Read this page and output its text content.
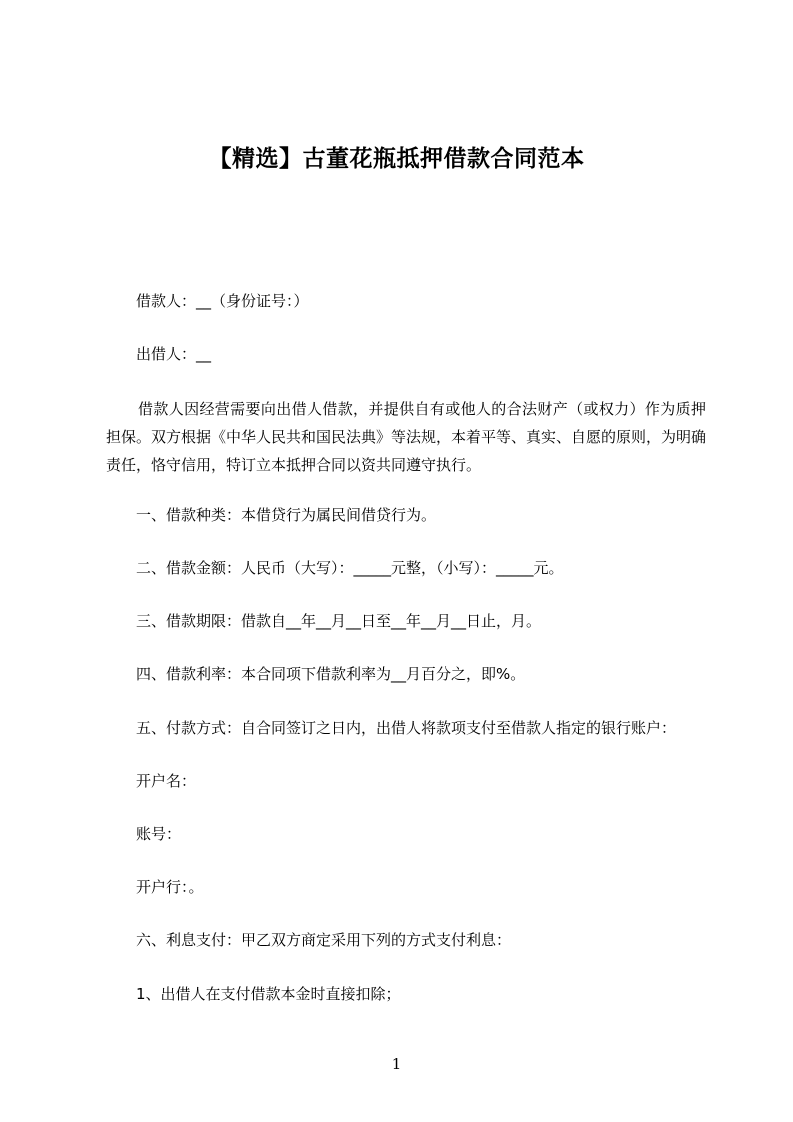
【精选】古董花瓶抵押借款合同范本
借款人：__（身份证号：）
出借人：__
借款人因经营需要向出借人借款，并提供自有或他人的合法财产（或权力）作为质押担保。双方根据《中华人民共和国民法典》等法规，本着平等、真实、自愿的原则，为明确责任，恪守信用，特订立本抵押合同以资共同遵守执行。
一、借款种类：本借贷行为属民间借贷行为。
二、借款金额：人民币（大写）：_____元整，（小写）：_____元。
三、借款期限：借款自__年__月__日至__年__月__日止，月。
四、借款利率：本合同项下借款利率为__月百分之，即%。
五、付款方式：自合同签订之日内，出借人将款项支付至借款人指定的银行账户：
开户名：
账号：
开户行：。
六、利息支付：甲乙双方商定采用下列的方式支付利息：
1、出借人在支付借款本金时直接扣除；
1
